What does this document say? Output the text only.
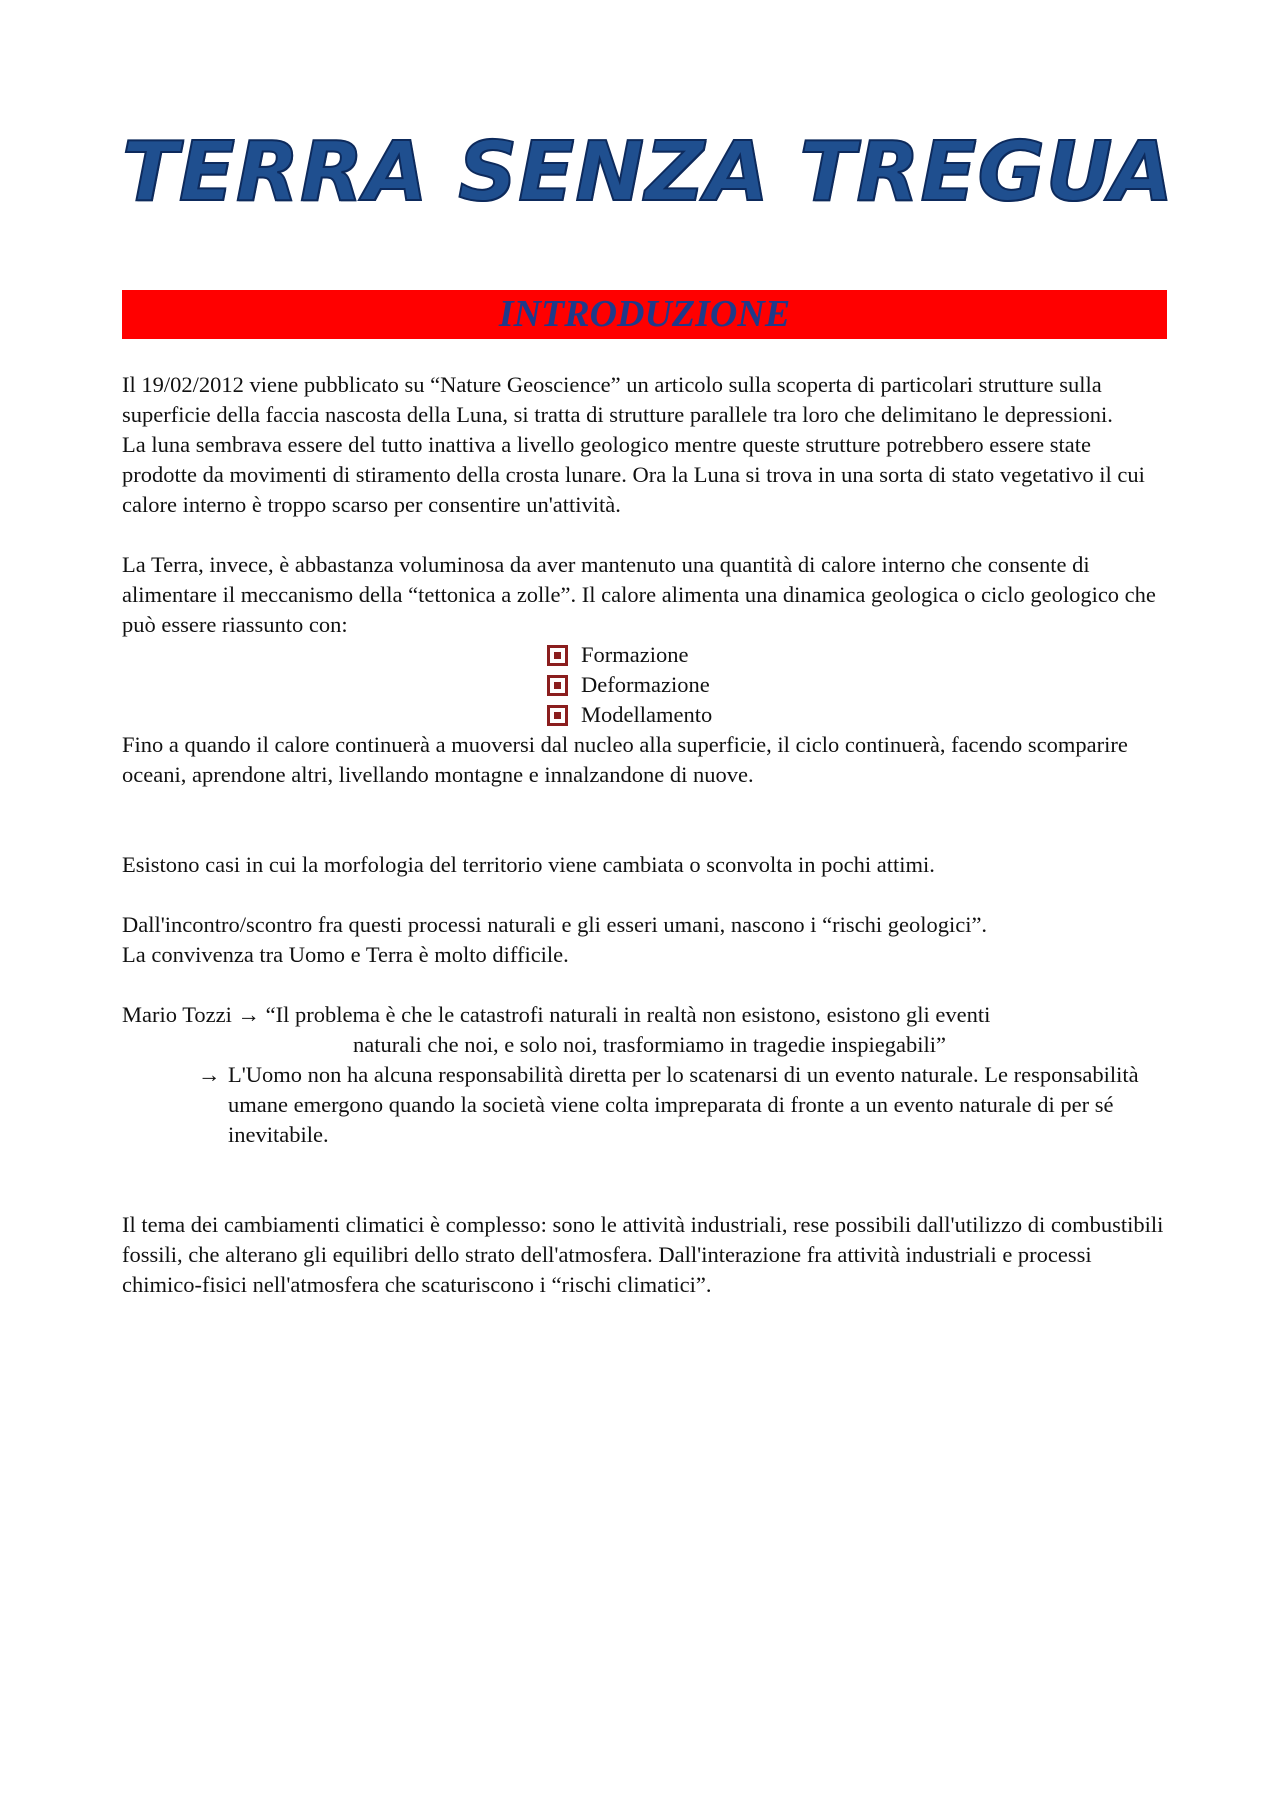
TERRA SENZA TREGUA
INTRODUZIONE

Il 19/02/2012 viene pubblicato su “Nature Geoscience” un articolo sulla scoperta di particolari strutture sulla superficie della faccia nascosta della Luna, si tratta di strutture parallele tra loro che delimitano le depressioni.

La luna sembrava essere del tutto inattiva a livello geologico mentre queste strutture potrebbero essere state prodotte da movimenti di stiramento della crosta lunare. Ora la Luna si trova in una sorta di stato vegetativo il cui calore interno è troppo scarso per consentire un'attività.

La Terra, invece, è abbastanza voluminosa da aver mantenuto una quantità di calore interno che consente di alimentare il meccanismo della “tettonica a zolle”. Il calore alimenta una dinamica geologica o ciclo geologico che può essere riassunto con:

Formazione
Deformazione
Modellamento

Fino a quando il calore continuerà a muoversi dal nucleo alla superficie, il ciclo continuerà, facendo scomparire oceani, aprendone altri, livellando montagne e innalzandone di nuove.

Esistono casi in cui la morfologia del territorio viene cambiata o sconvolta in pochi attimi.

Dall'incontro/scontro fra questi processi naturali e gli esseri umani, nascono i “rischi geologici”.

La convivenza tra Uomo e Terra è molto difficile.

Mario Tozzi → “Il problema è che le catastrofi naturali in realtà non esistono, esistono gli eventi
naturali che noi, e solo noi, trasformiamo in tragedie inspiegabili”
→ L'Uomo non ha alcuna responsabilità diretta per lo scatenarsi di un evento naturale. Le responsabilità umane emergono quando la società viene colta impreparata di fronte a un evento naturale di per sé inevitabile.

Il tema dei cambiamenti climatici è complesso: sono le attività industriali, rese possibili dall'utilizzo di combustibili fossili, che alterano gli equilibri dello strato dell'atmosfera. Dall'interazione fra attività industriali e processi chimico-fisici nell'atmosfera che scaturiscono i “rischi climatici”.
